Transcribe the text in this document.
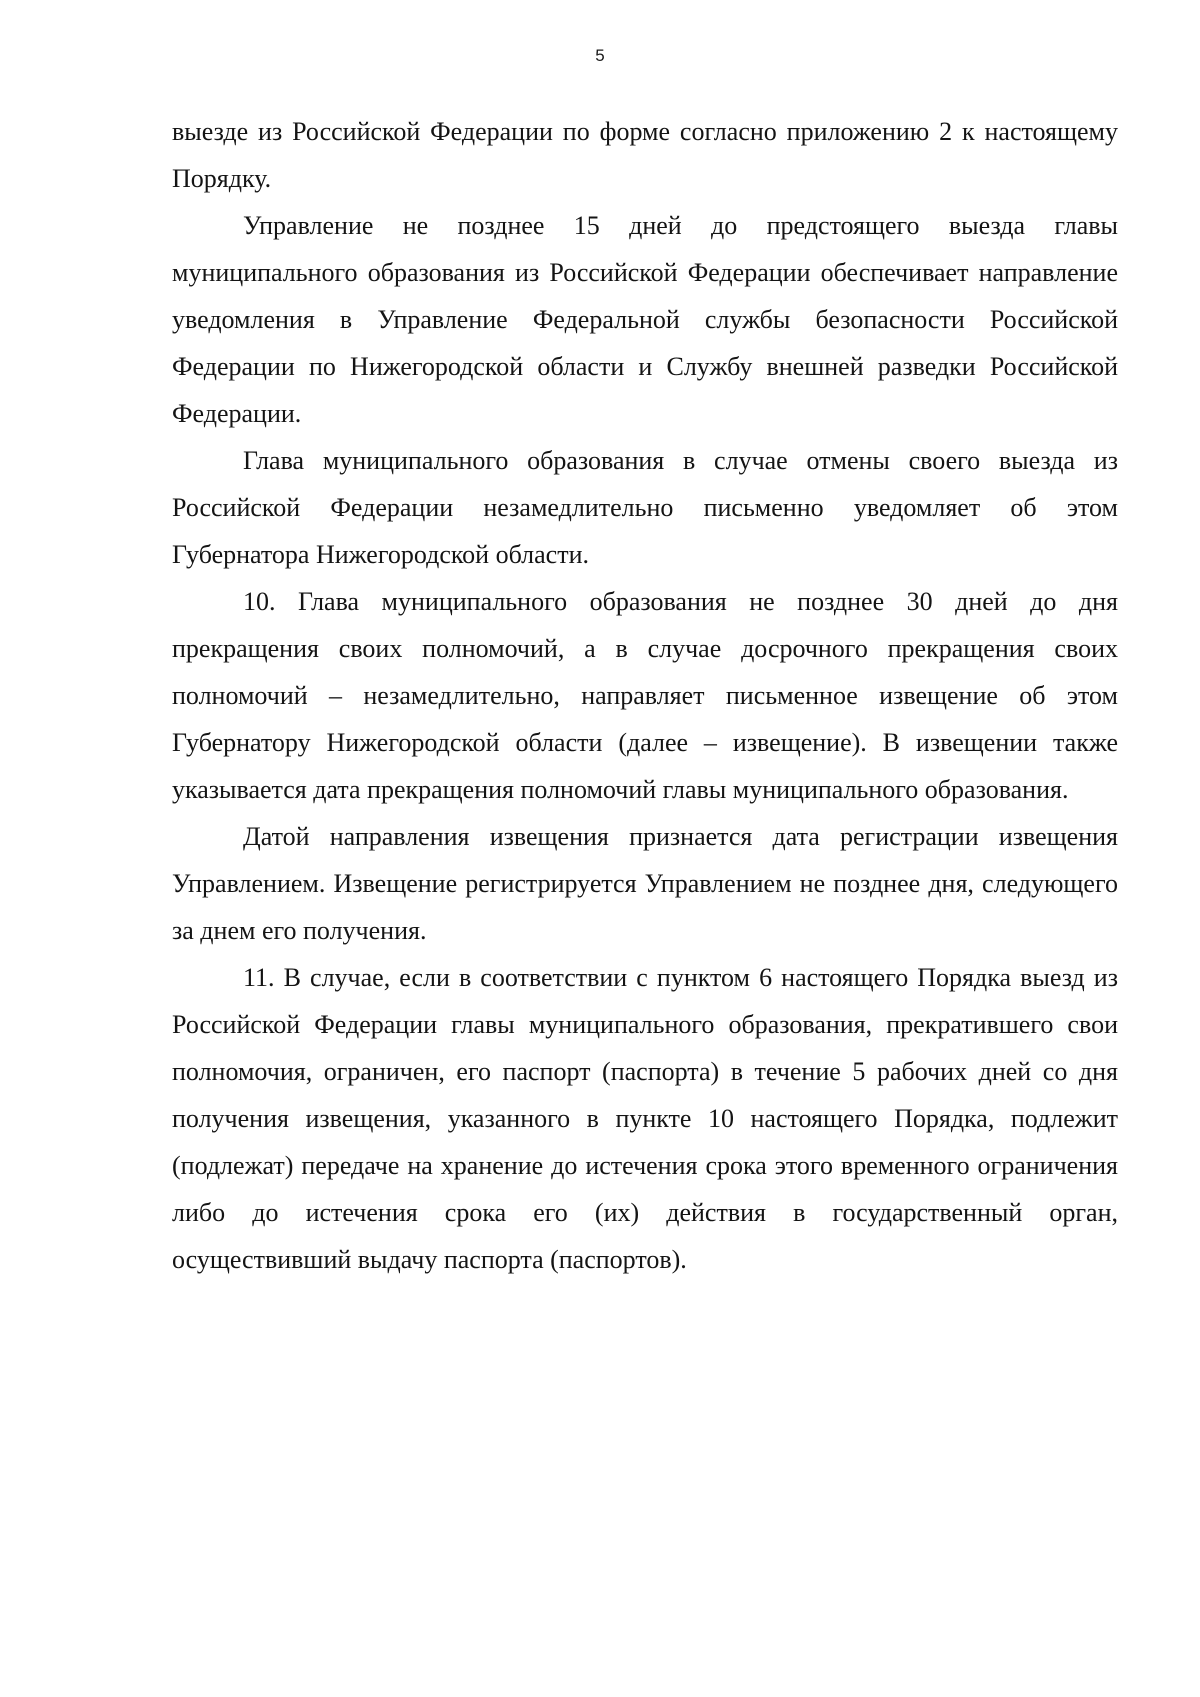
5

выезде из Российской Федерации по форме согласно приложению 2 к настоящему Порядку.

Управление не позднее 15 дней до предстоящего выезда главы муниципального образования из Российской Федерации обеспечивает направление уведомления в Управление Федеральной службы безопасности Российской Федерации по Нижегородской области и Службу внешней разведки Российской Федерации.

Глава муниципального образования в случае отмены своего выезда из Российской Федерации незамедлительно письменно уведомляет об этом Губернатора Нижегородской области.

10. Глава муниципального образования не позднее 30 дней до дня прекращения своих полномочий, а в случае досрочного прекращения своих полномочий – незамедлительно, направляет письменное извещение об этом Губернатору Нижегородской области (далее – извещение). В извещении также указывается дата прекращения полномочий главы муниципального образования.

Датой направления извещения признается дата регистрации извещения Управлением. Извещение регистрируется Управлением не позднее дня, следующего за днем его получения.

11. В случае, если в соответствии с пунктом 6 настоящего Порядка выезд из Российской Федерации главы муниципального образования, прекратившего свои полномочия, ограничен, его паспорт (паспорта) в течение 5 рабочих дней со дня получения извещения, указанного в пункте 10 настоящего Порядка, подлежит (подлежат) передаче на хранение до истечения срока этого временного ограничения либо до истечения срока его (их) действия в государственный орган, осуществивший выдачу паспорта (паспортов).
